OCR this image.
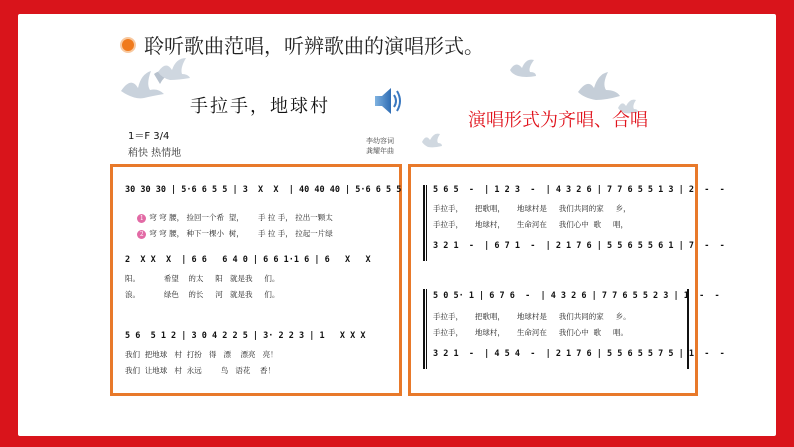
聆听歌曲范唱，听辨歌曲的演唱形式。
手拉手，地球村
演唱形式为齐唱、合唱
1＝F 3/4
稍快 热情地
李幼容词
龚耀年曲
30 30 30 | 5·6 6 5 5 | 3  X  X  | 40 40 40 | 5·6 6 5 5

1 穹 穹 腰， 捡回一个希  望，      手 拉 手， 拉出一颗太

2 穹 穹 腰， 种下一棵小  树，      手 拉 手， 拉起一片绿

2  X X  X  | 6 6   6 4 0 | 6 6 1·1 6 | 6   X   X
阳。          希望    的太     阳   就是我     们。
浪。          绿色    的长     河   就是我     们。
5 6  5 1 2 | 3 0 4 2 2 5 | 3· 2 2 3 | 1   X X X
我们  把地球   村  打扮   得   漂    漂亮   亮！
我们  让地球   村  永远        鸟   语花    香！
5 6 5  -  | 1 2 3  -  | 4 3 2 6 | 7 7 6 5 5 1 3 | 2  -  -
手拉手，     把歌唱，     地球村是     我们共同的家     乡，
手拉手，     地球村，     生命河在     我们心中  歌     唱，
3 2 1  -  | 6 7 1  -  | 2 1 7 6 | 5 5 6 5 5 6 1 | 7  -  -
5 0 5· 1 | 6 7 6  -  | 4 3 2 6 | 7 7 6 5 5 2 3 | 1  -  -
手拉手，     把歌唱，     地球村是     我们共同的家     乡。
手拉手，     地球村，     生命河在     我们心中  歌     唱。
3 2 1  -  | 4 5 4  -  | 2 1 7 6 | 5 5 6 5 5 7 5 | 1  -  -
